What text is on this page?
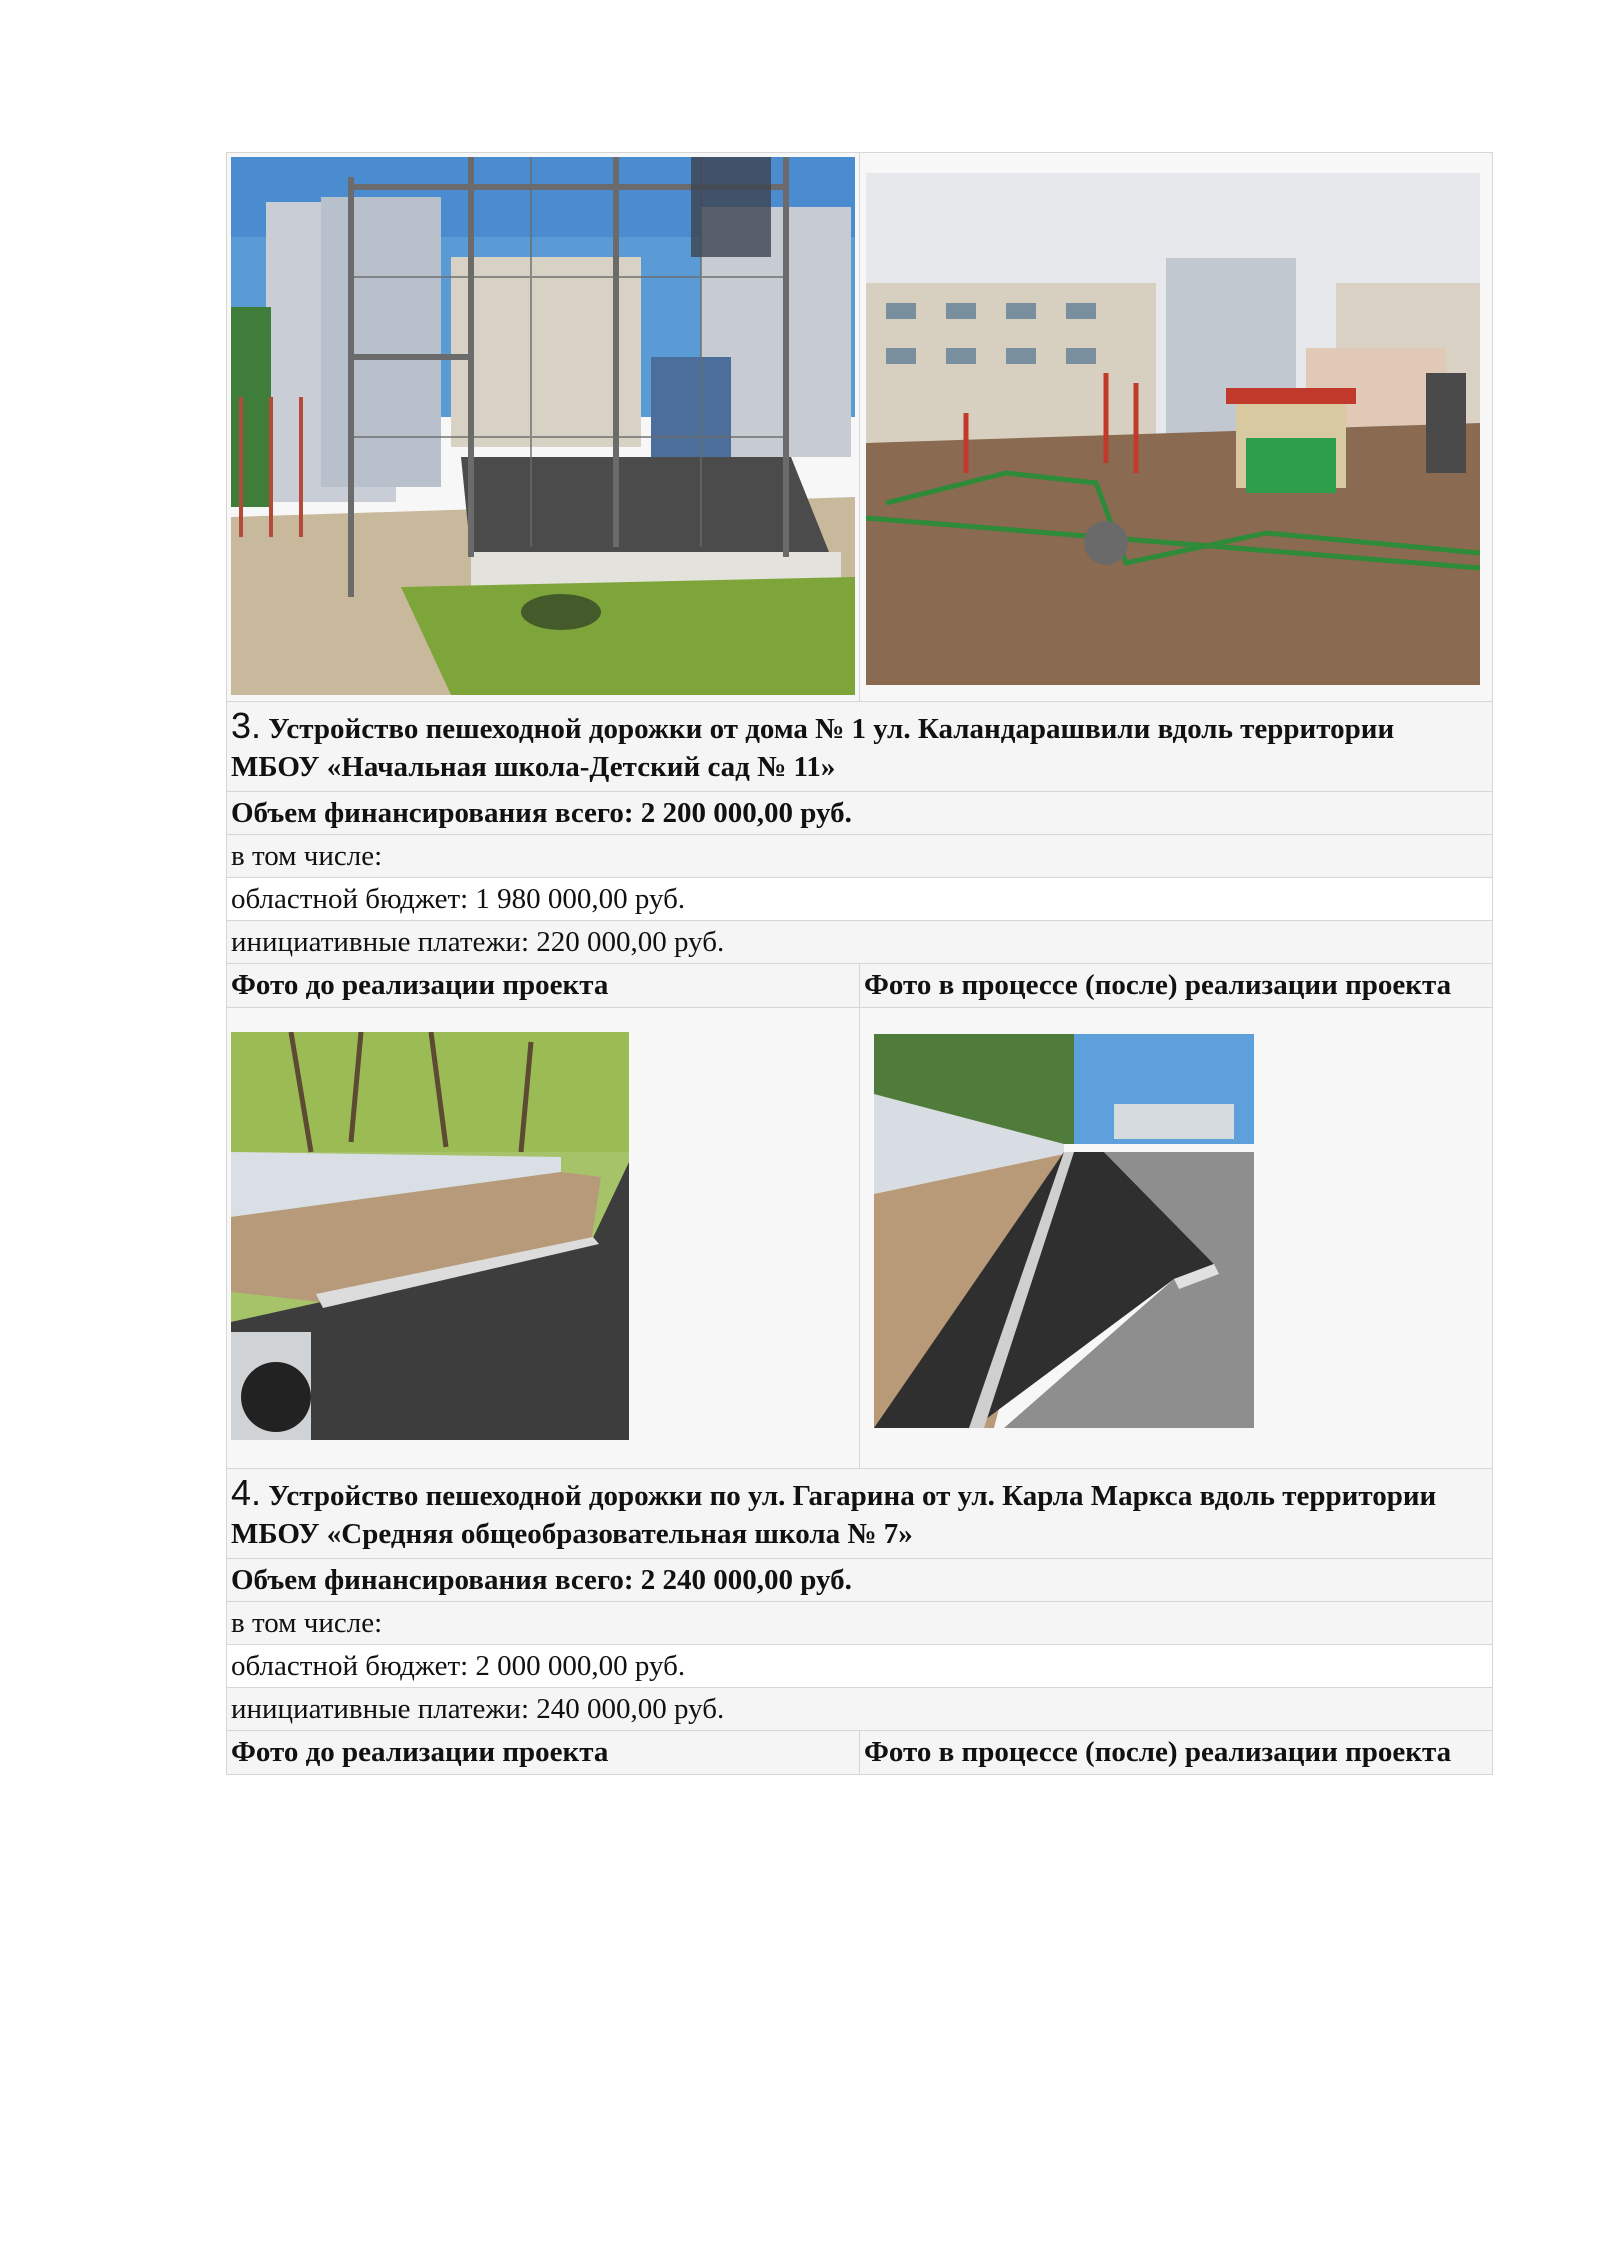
3. Устройство пешеходной дорожки от дома № 1 ул. Каландарашвили вдоль территории МБОУ «Начальная школа-Детский сад № 11»	
Объем финансирования всего: 2 200 000,00 руб.	
в том числе:	
областной бюджет: 1 980 000,00 руб.	
инициативные платежи: 220 000,00 руб.	
Фото до реализации проекта	Фото в процессе (после) реализации проекта

4. Устройство пешеходной дорожки по ул. Гагарина от ул. Карла Маркса вдоль территории МБОУ «Средняя общеобразовательная школа № 7»	
Объем финансирования всего: 2 240 000,00 руб.	
в том числе:	
областной бюджет: 2 000 000,00 руб.	
инициативные платежи: 240 000,00 руб.	
Фото до реализации проекта	Фото в процессе (после) реализации проекта
